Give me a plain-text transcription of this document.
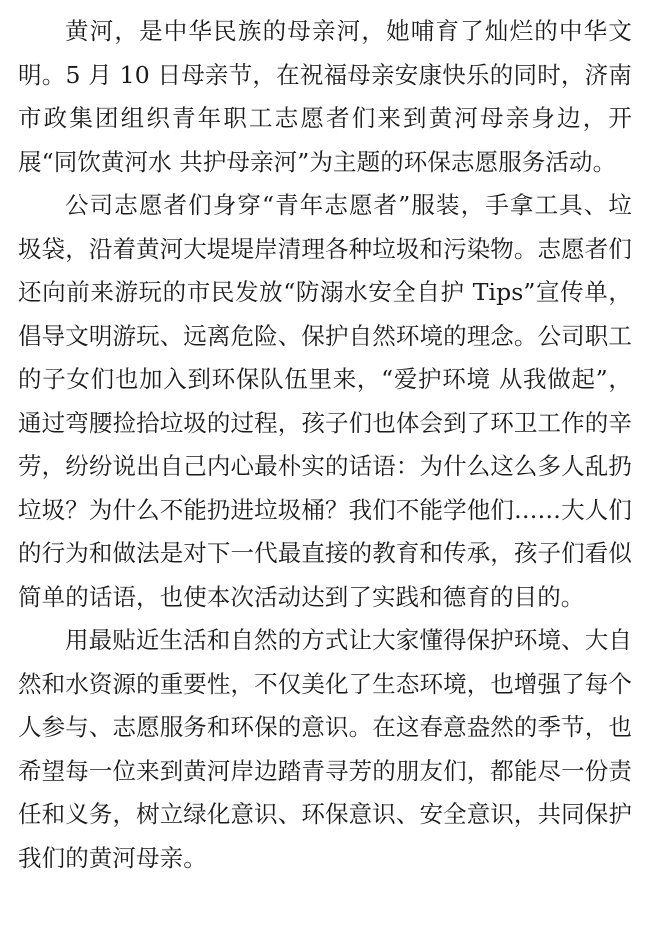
黄河，是中华民族的母亲河，她哺育了灿烂的中华文明。5 月 10 日母亲节，在祝福母亲安康快乐的同时，济南市政集团组织青年职工志愿者们来到黄河母亲身边，开展“同饮黄河水 共护母亲河”为主题的环保志愿服务活动。

公司志愿者们身穿“青年志愿者”服装，手拿工具、垃圾袋，沿着黄河大堤堤岸清理各种垃圾和污染物。志愿者们还向前来游玩的市民发放“防溺水安全自护 Tips”宣传单，倡导文明游玩、远离危险、保护自然环境的理念。公司职工的子女们也加入到环保队伍里来，“爱护环境 从我做起”，通过弯腰捡拾垃圾的过程，孩子们也体会到了环卫工作的辛劳，纷纷说出自己内心最朴实的话语：为什么这么多人乱扔垃圾？为什么不能扔进垃圾桶？我们不能学他们……大人们的行为和做法是对下一代最直接的教育和传承，孩子们看似简单的话语，也使本次活动达到了实践和德育的目的。

用最贴近生活和自然的方式让大家懂得保护环境、大自然和水资源的重要性，不仅美化了生态环境，也增强了每个人参与、志愿服务和环保的意识。在这春意盎然的季节，也希望每一位来到黄河岸边踏青寻芳的朋友们，都能尽一份责任和义务，树立绿化意识、环保意识、安全意识，共同保护我们的黄河母亲。
